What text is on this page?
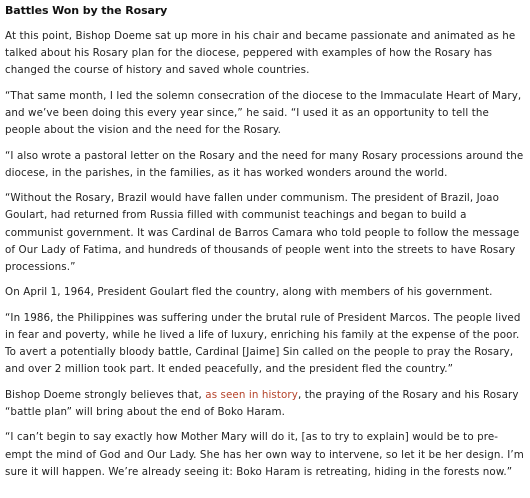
Battles Won by the Rosary

At this point, Bishop Doeme sat up more in his chair and became passionate and animated as he talked about his Rosary plan for the diocese, peppered with examples of how the Rosary has changed the course of history and saved whole countries.

“That same month, I led the solemn consecration of the diocese to the Immaculate Heart of Mary, and we’ve been doing this every year since,” he said. “I used it as an opportunity to tell the people about the vision and the need for the Rosary.

“I also wrote a pastoral letter on the Rosary and the need for many Rosary processions around the diocese, in the parishes, in the families, as it has worked wonders around the world.

“Without the Rosary, Brazil would have fallen under communism. The president of Brazil, Joao Goulart, had returned from Russia filled with communist teachings and began to build a communist government. It was Cardinal de Barros Camara who told people to follow the message of Our Lady of Fatima, and hundreds of thousands of people went into the streets to have Rosary processions.”

On April 1, 1964, President Goulart fled the country, along with members of his government.

“In 1986, the Philippines was suffering under the brutal rule of President Marcos. The people lived in fear and poverty, while he lived a life of luxury, enriching his family at the expense of the poor. To avert a potentially bloody battle, Cardinal [Jaime] Sin called on the people to pray the Rosary, and over 2 million took part. It ended peacefully, and the president fled the country.”

Bishop Doeme strongly believes that, as seen in history, the praying of the Rosary and his Rosary “battle plan” will bring about the end of Boko Haram.

“I can’t begin to say exactly how Mother Mary will do it, [as to try to explain] would be to pre-empt the mind of God and Our Lady. She has her own way to intervene, so let it be her design. I’m sure it will happen. We’re already seeing it: Boko Haram is retreating, hiding in the forests now.”
